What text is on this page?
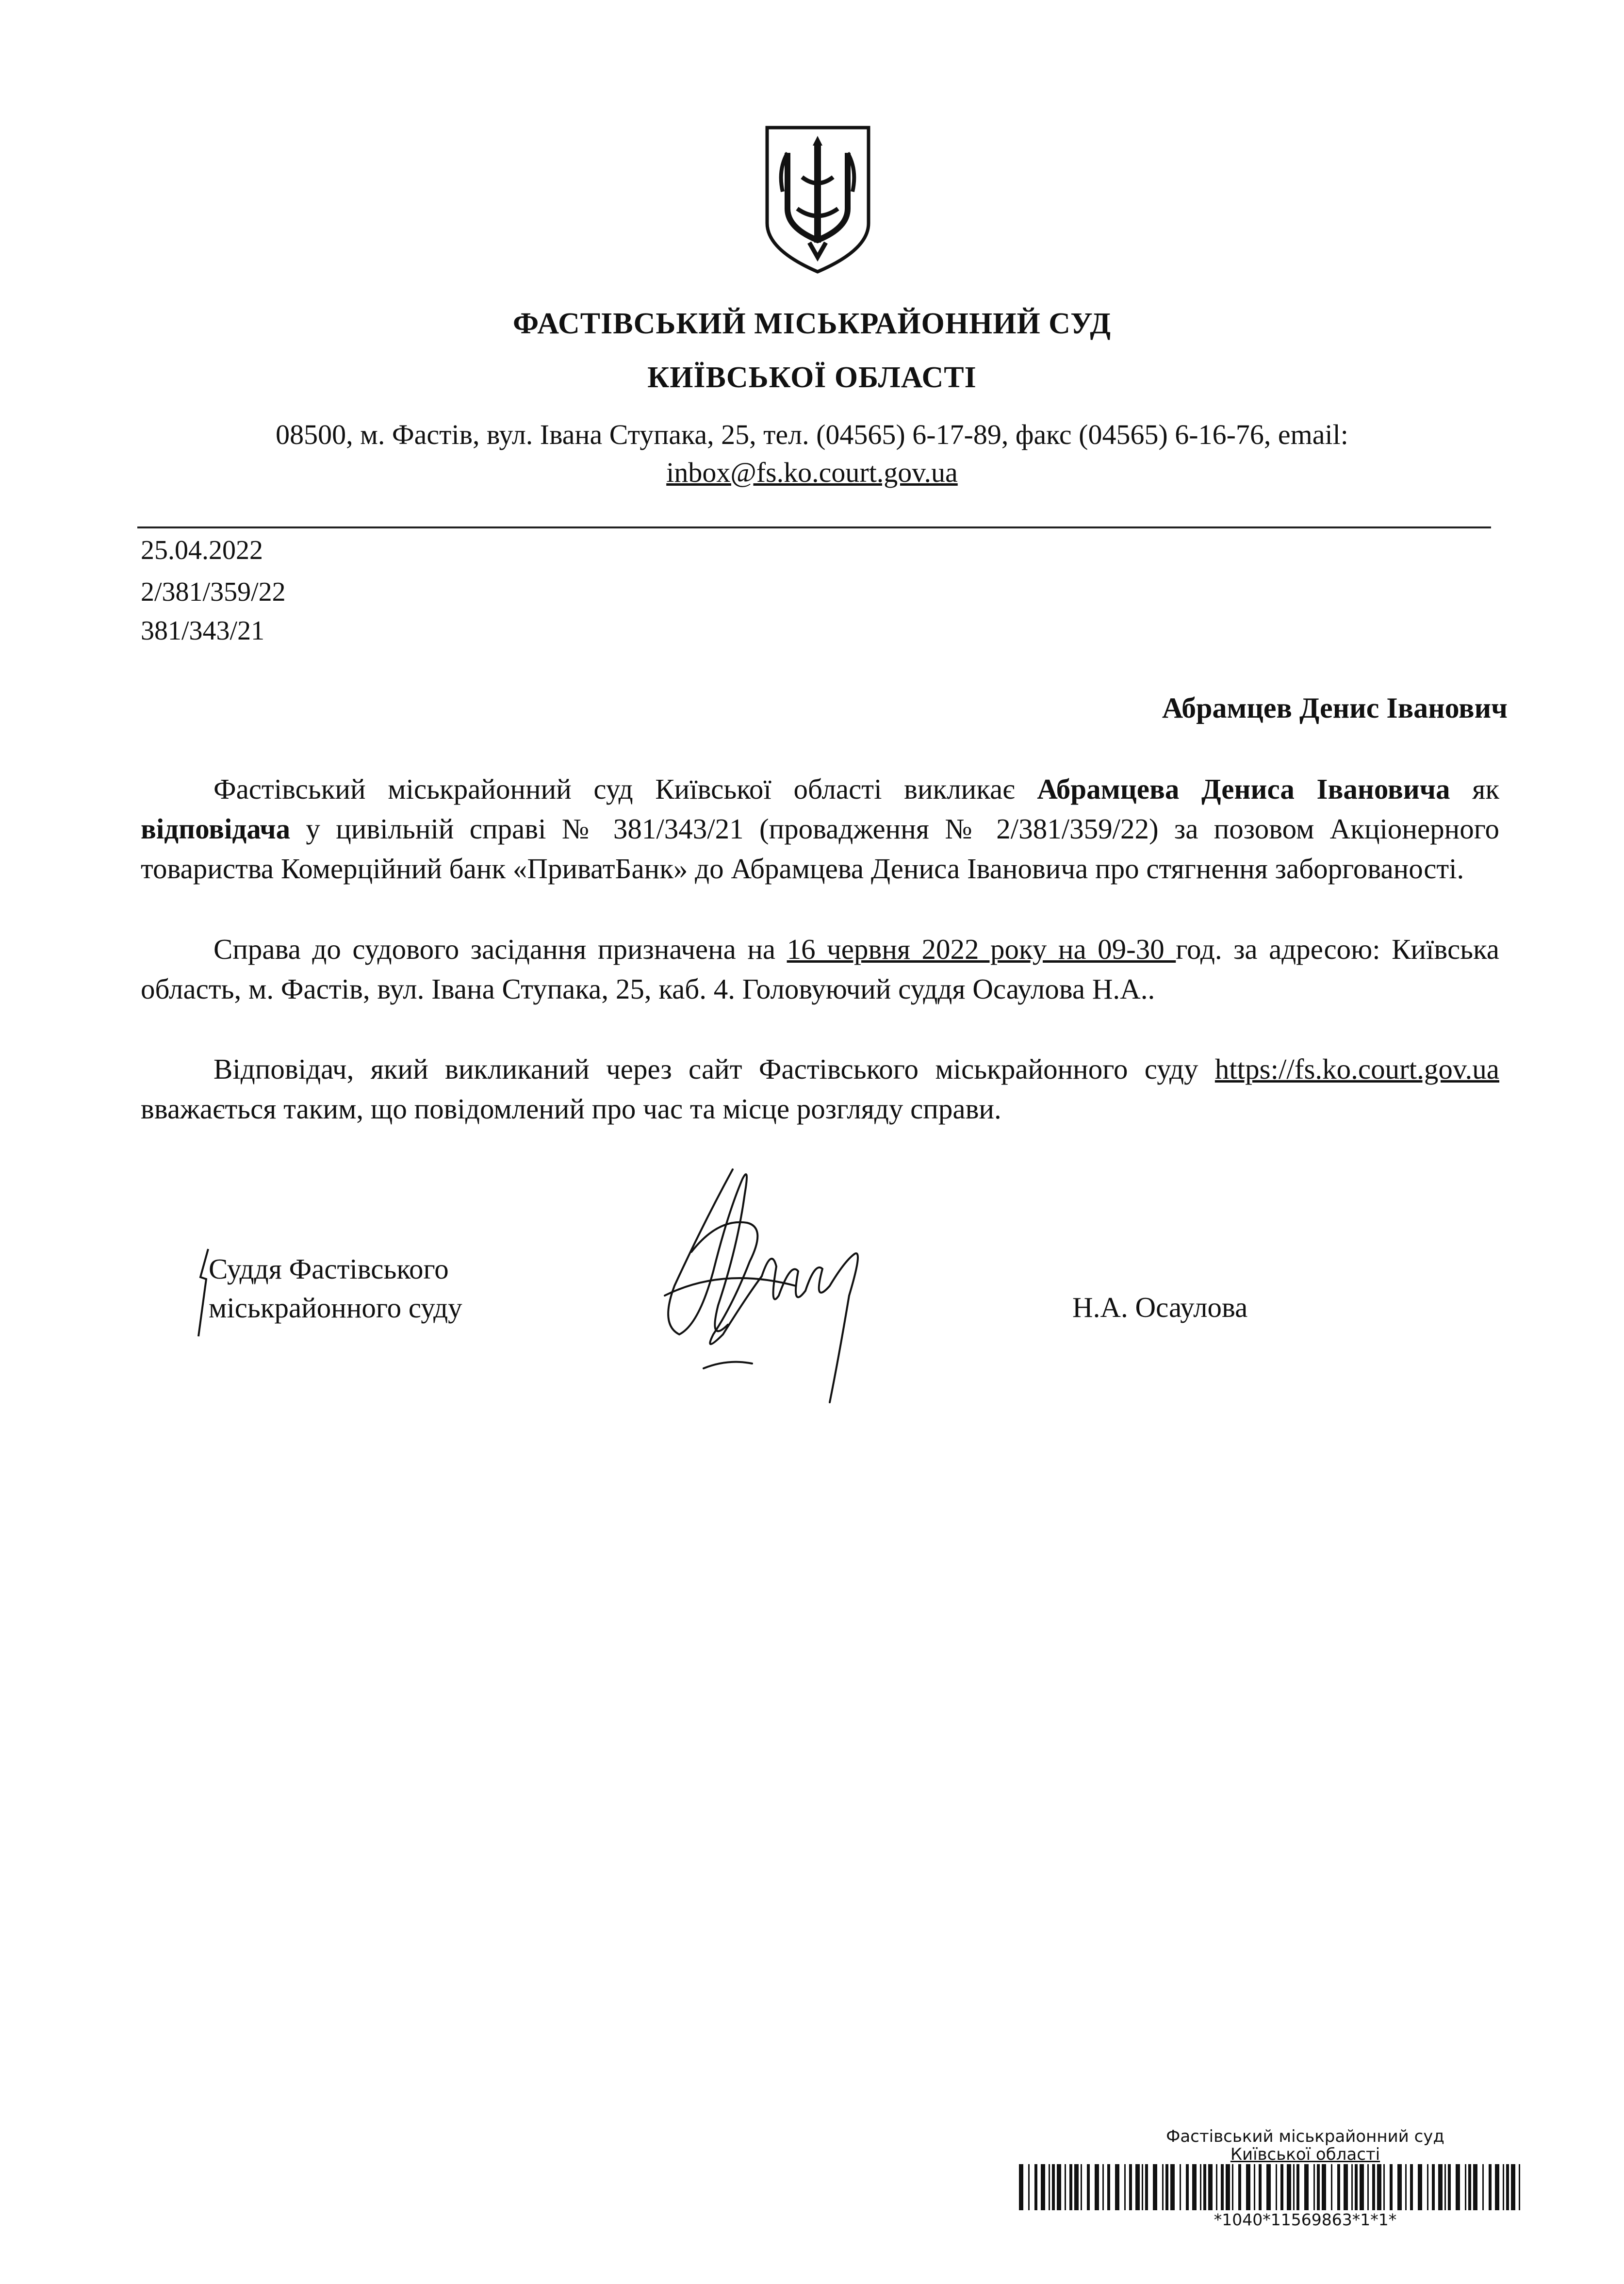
ФАСТІВСЬКИЙ МІСЬКРАЙОННИЙ СУД
КИЇВСЬКОЇ ОБЛАСТІ
08500, м. Фастів, вул. Івана Ступака, 25, тел. (04565) 6-17-89, факс (04565) 6-16-76, email:
inbox@fs.ko.court.gov.ua
25.04.2022
2/381/359/22
381/343/21
Абрамцев Денис Іванович

Фастівський міськрайонний суд Київської області викликає Абрамцева Дениса Івановича як відповідача у цивільній справі № 381/343/21 (провадження № 2/381/359/22) за позовом Акціонерного товариства Комерційний банк «ПриватБанк» до Абрамцева Дениса Івановича про стягнення заборгованості.

Справа до судового засідання призначена на 16 червня 2022 року на 09-30 год. за адресою: Київська область, м. Фастів, вул. Івана Ступака, 25, каб. 4. Головуючий суддя Осаулова Н.А..

Відповідач, який викликаний через сайт Фастівського міськрайонного суду https://fs.ko.court.gov.ua вважається таким, що повідомлений про час та місце розгляду справи.

Суддя Фастівського
міськрайонного суду	Н.А. Осаулова
Фастівський міськрайонний суд
Київської області
*1040*11569863*1*1*
